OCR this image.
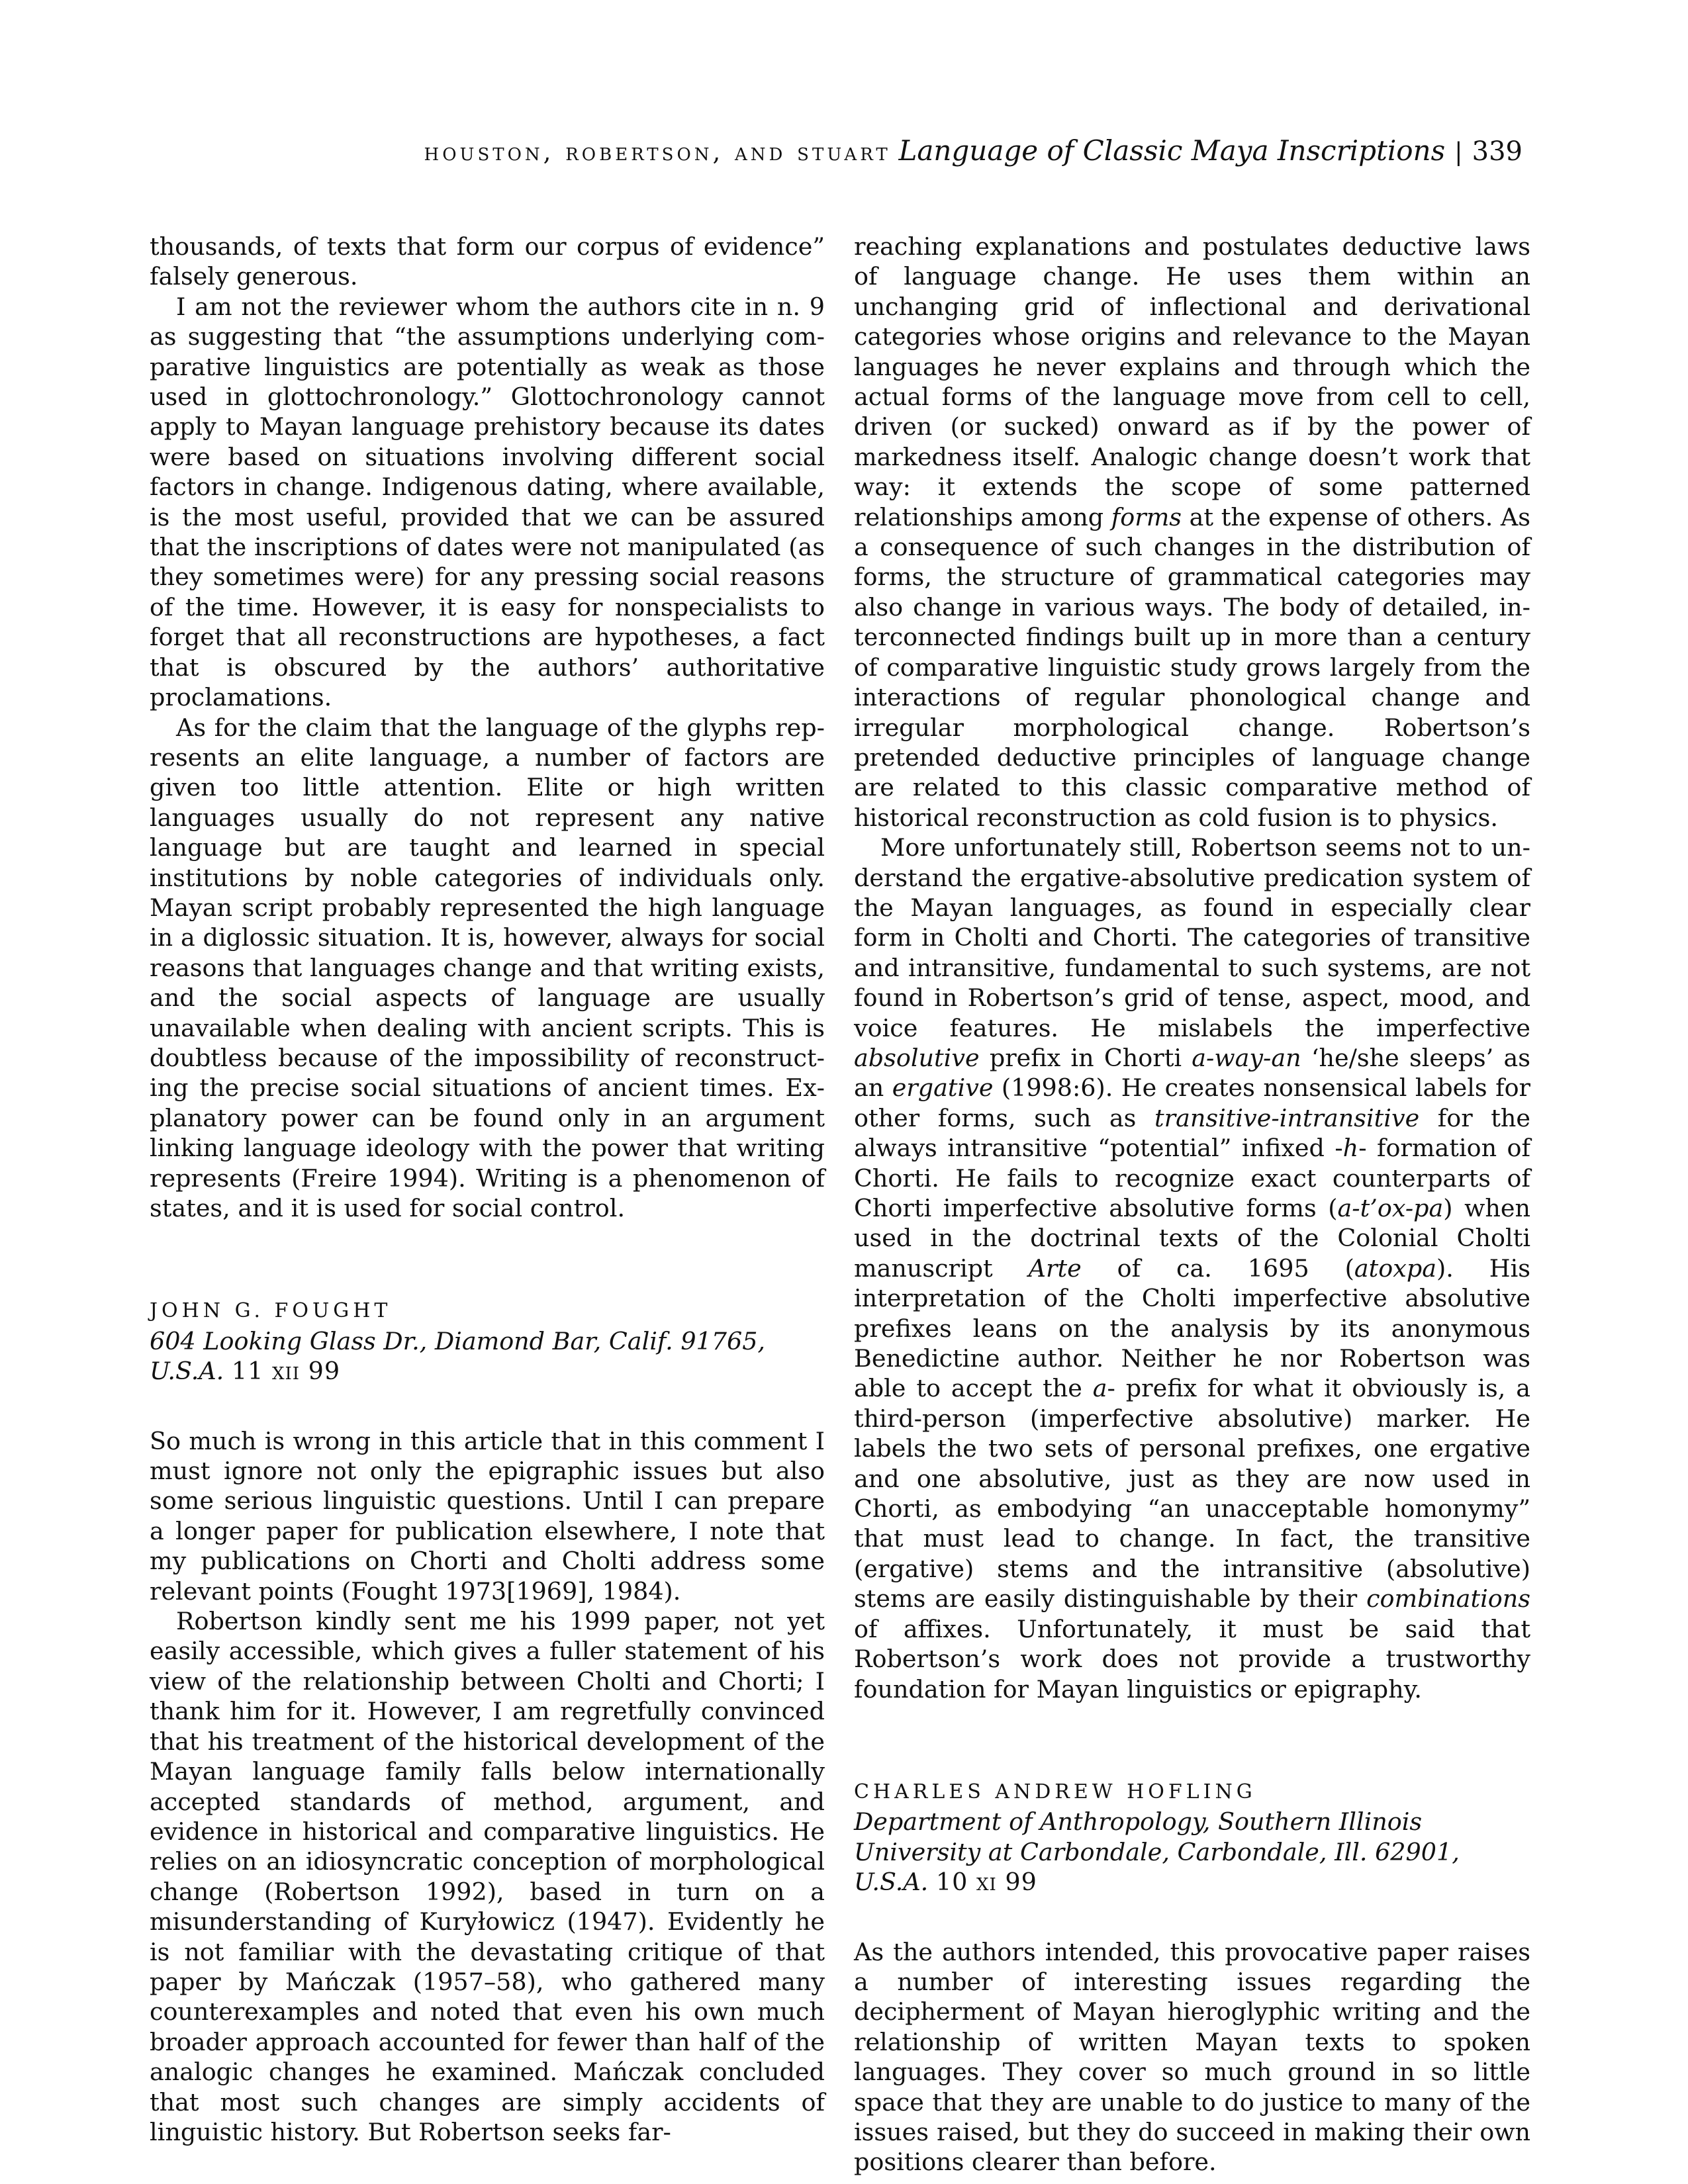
houston, robertson, and stuart Language of Classic Maya Inscriptions | 339

thousands, of texts that form our corpus of evidence” falsely generous.

I am not the reviewer whom the authors cite in n. 9 as suggesting that “the assumptions underlying comparative linguistics are potentially as weak as those used in glottochronology.” Glottochronology cannot apply to Mayan language prehistory because its dates were based on situations involving different social factors in change. Indigenous dating, where available, is the most useful, provided that we can be assured that the inscriptions of dates were not manipulated (as they sometimes were) for any pressing social reasons of the time. However, it is easy for nonspecialists to forget that all reconstructions are hypotheses, a fact that is obscured by the authors’ authoritative proclamations.

As for the claim that the language of the glyphs represents an elite language, a number of factors are given too little attention. Elite or high written languages usually do not represent any native language but are taught and learned in special institutions by noble categories of individuals only. Mayan script probably represented the high language in a diglossic situation. It is, however, always for social reasons that languages change and that writing exists, and the social aspects of language are usually unavailable when dealing with ancient scripts. This is doubtless because of the impossibility of reconstructing the precise social situations of ancient times. Explanatory power can be found only in an argument linking language ideology with the power that writing represents (Freire 1994). Writing is a phenomenon of states, and it is used for social control.

JOHN G. FOUGHT

604 Looking Glass Dr., Diamond Bar, Calif. 91765,
U.S.A. 11 xii 99

So much is wrong in this article that in this comment I must ignore not only the epigraphic issues but also some serious linguistic questions. Until I can prepare a longer paper for publication elsewhere, I note that my publications on Chorti and Cholti address some relevant points (Fought 1973[1969], 1984).

Robertson kindly sent me his 1999 paper, not yet easily accessible, which gives a fuller statement of his view of the relationship between Cholti and Chorti; I thank him for it. However, I am regretfully convinced that his treatment of the historical development of the Mayan language family falls below internationally accepted standards of method, argument, and evidence in historical and comparative linguistics. He relies on an idiosyncratic conception of morphological change (Robertson 1992), based in turn on a misunderstanding of Kuryłowicz (1947). Evidently he is not familiar with the devastating critique of that paper by Mańczak (1957–58), who gathered many counterexamples and noted that even his own much broader approach accounted for fewer than half of the analogic changes he examined. Mańczak concluded that most such changes are simply accidents of linguistic history. But Robertson seeks far-

reaching explanations and postulates deductive laws of language change. He uses them within an unchanging grid of inflectional and derivational categories whose origins and relevance to the Mayan languages he never explains and through which the actual forms of the language move from cell to cell, driven (or sucked) onward as if by the power of markedness itself. Analogic change doesn’t work that way: it extends the scope of some patterned relationships among forms at the expense of others. As a consequence of such changes in the distribution of forms, the structure of grammatical categories may also change in various ways. The body of detailed, interconnected findings built up in more than a century of comparative linguistic study grows largely from the interactions of regular phonological change and irregular morphological change. Robertson’s pretended deductive principles of language change are related to this classic comparative method of historical reconstruction as cold fusion is to physics.

More unfortunately still, Robertson seems not to understand the ergative-absolutive predication system of the Mayan languages, as found in especially clear form in Cholti and Chorti. The categories of transitive and intransitive, fundamental to such systems, are not found in Robertson’s grid of tense, aspect, mood, and voice features. He mislabels the imperfective absolutive prefix in Chorti a-way-an ‘he/she sleeps’ as an ergative (1998:6). He creates nonsensical labels for other forms, such as transitive-intransitive for the always intransitive “potential” infixed -h- formation of Chorti. He fails to recognize exact counterparts of Chorti imperfective absolutive forms (a-t’ox-pa) when used in the doctrinal texts of the Colonial Cholti manuscript Arte of ca. 1695 (atoxpa). His interpretation of the Cholti imperfective absolutive prefixes leans on the analysis by its anonymous Benedictine author. Neither he nor Robertson was able to accept the a- prefix for what it obviously is, a third-person (imperfective absolutive) marker. He labels the two sets of personal prefixes, one ergative and one absolutive, just as they are now used in Chorti, as embodying “an unacceptable homonymy” that must lead to change. In fact, the transitive (ergative) stems and the intransitive (absolutive) stems are easily distinguishable by their combinations of affixes. Unfortunately, it must be said that Robertson’s work does not provide a trustworthy foundation for Mayan linguistics or epigraphy.

CHARLES ANDREW HOFLING

Department of Anthropology, Southern Illinois
University at Carbondale, Carbondale, Ill. 62901,
U.S.A. 10 xi 99

As the authors intended, this provocative paper raises a number of interesting issues regarding the decipherment of Mayan hieroglyphic writing and the relationship of written Mayan texts to spoken languages. They cover so much ground in so little space that they are unable to do justice to many of the issues raised, but they do succeed in making their own positions clearer than before.
